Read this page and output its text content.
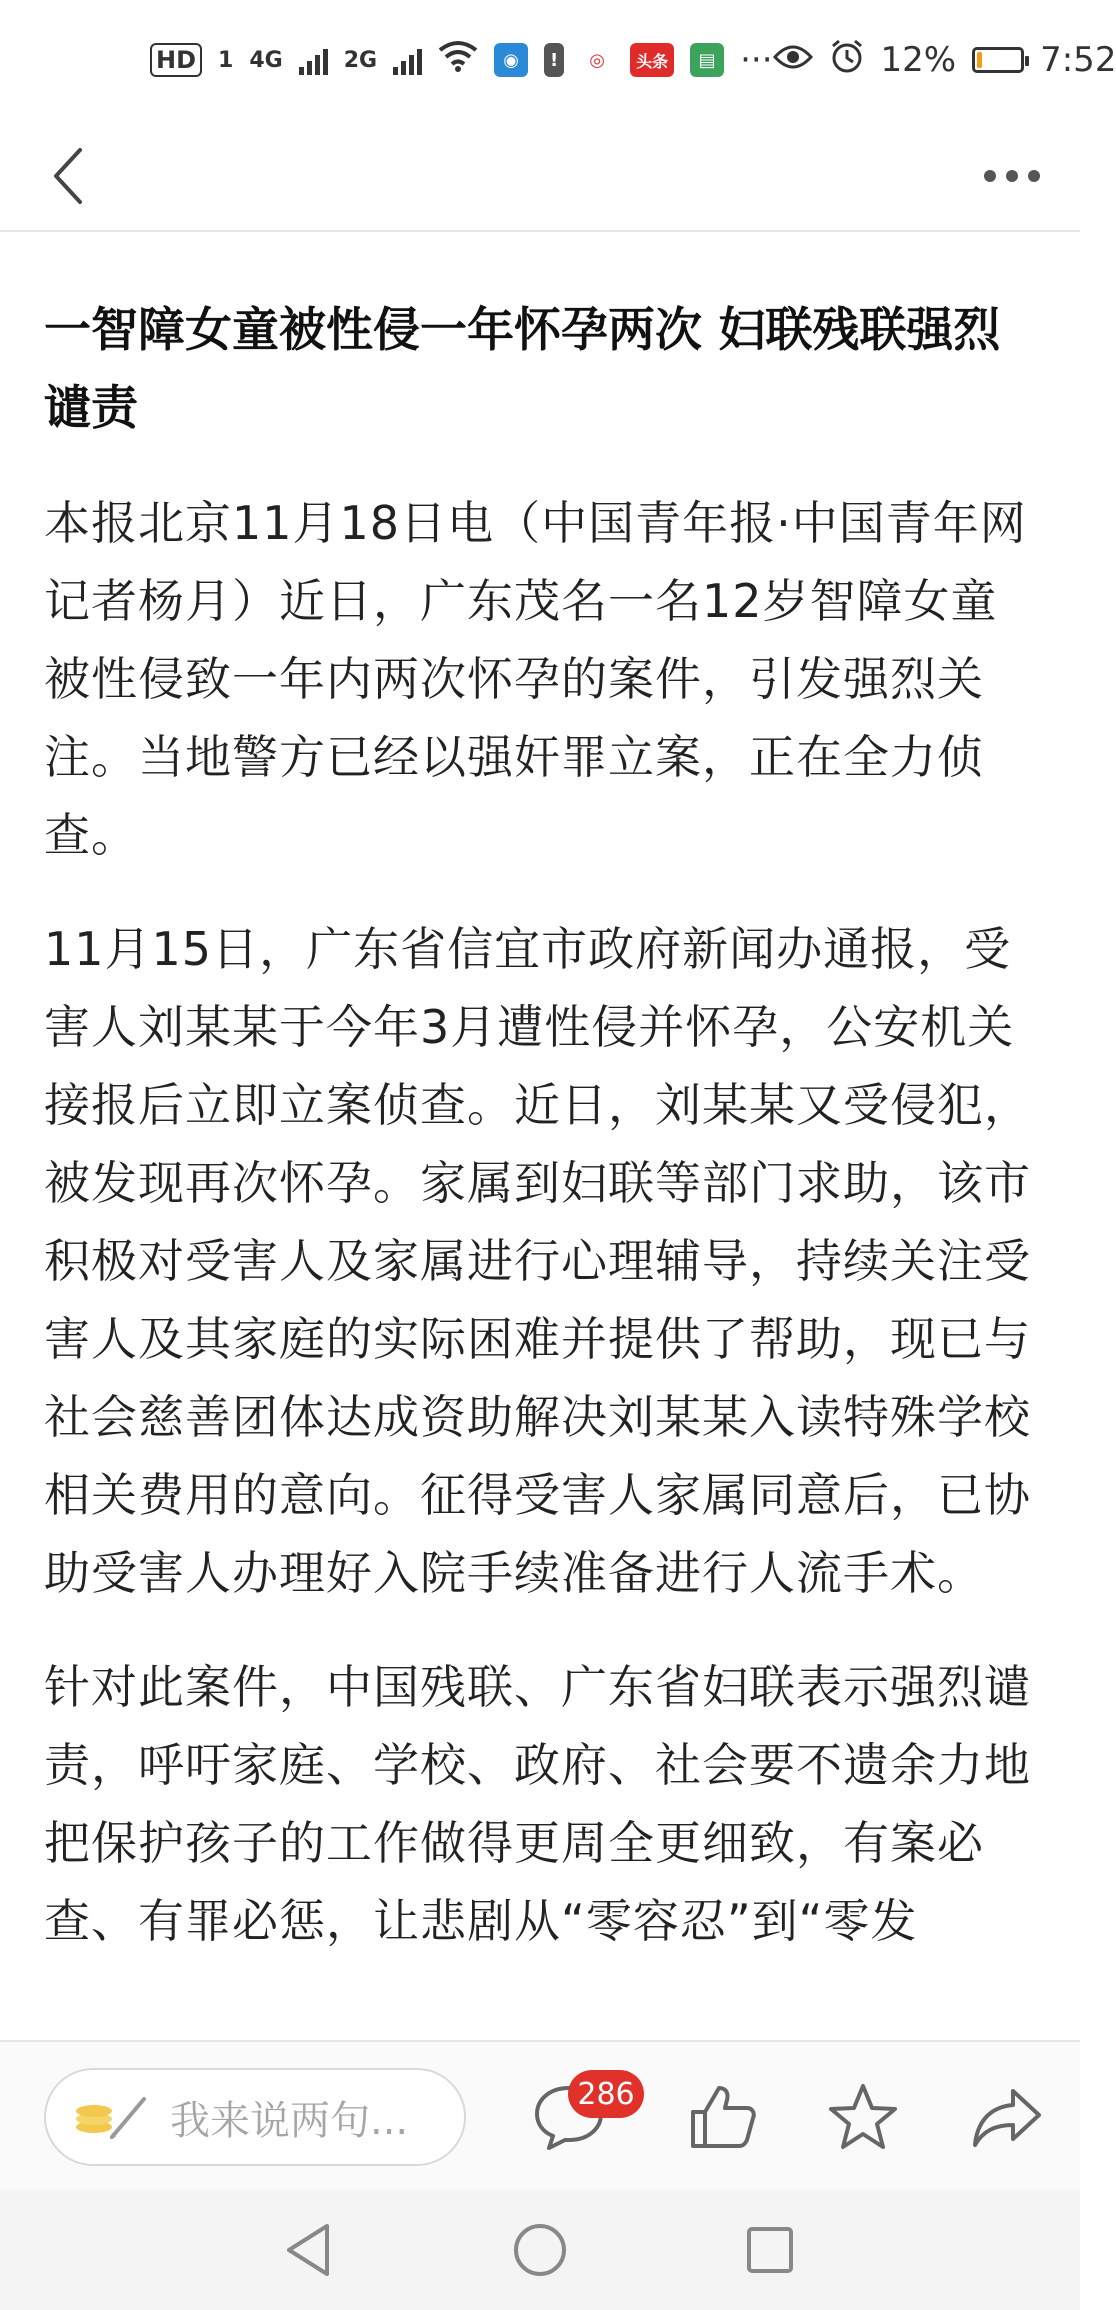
HD 1 4G	2G	◉	!	◎	头条	▤ ···	12% 7:52
一智障女童被性侵一年怀孕两次 妇联残联强烈谴责

本报北京11月18日电（中国青年报·中国青年网记者杨月）近日，广东茂名一名12岁智障女童被性侵致一年内两次怀孕的案件，引发强烈关注。当地警方已经以强奸罪立案，正在全力侦查。

11月15日，广东省信宜市政府新闻办通报，受害人刘某某于今年3月遭性侵并怀孕，公安机关接报后立即立案侦查。近日，刘某某又受侵犯，被发现再次怀孕。家属到妇联等部门求助，该市积极对受害人及家属进行心理辅导，持续关注受害人及其家庭的实际困难并提供了帮助，现已与社会慈善团体达成资助解决刘某某入读特殊学校相关费用的意向。征得受害人家属同意后，已协助受害人办理好入院手续准备进行人流手术。

针对此案件，中国残联、广东省妇联表示强烈谴责，呼吁家庭、学校、政府、社会要不遗余力地把保护孩子的工作做得更周全更细致，有案必查、有罪必惩，让悲剧从“零容忍”到“零发

我来说两句...
286
